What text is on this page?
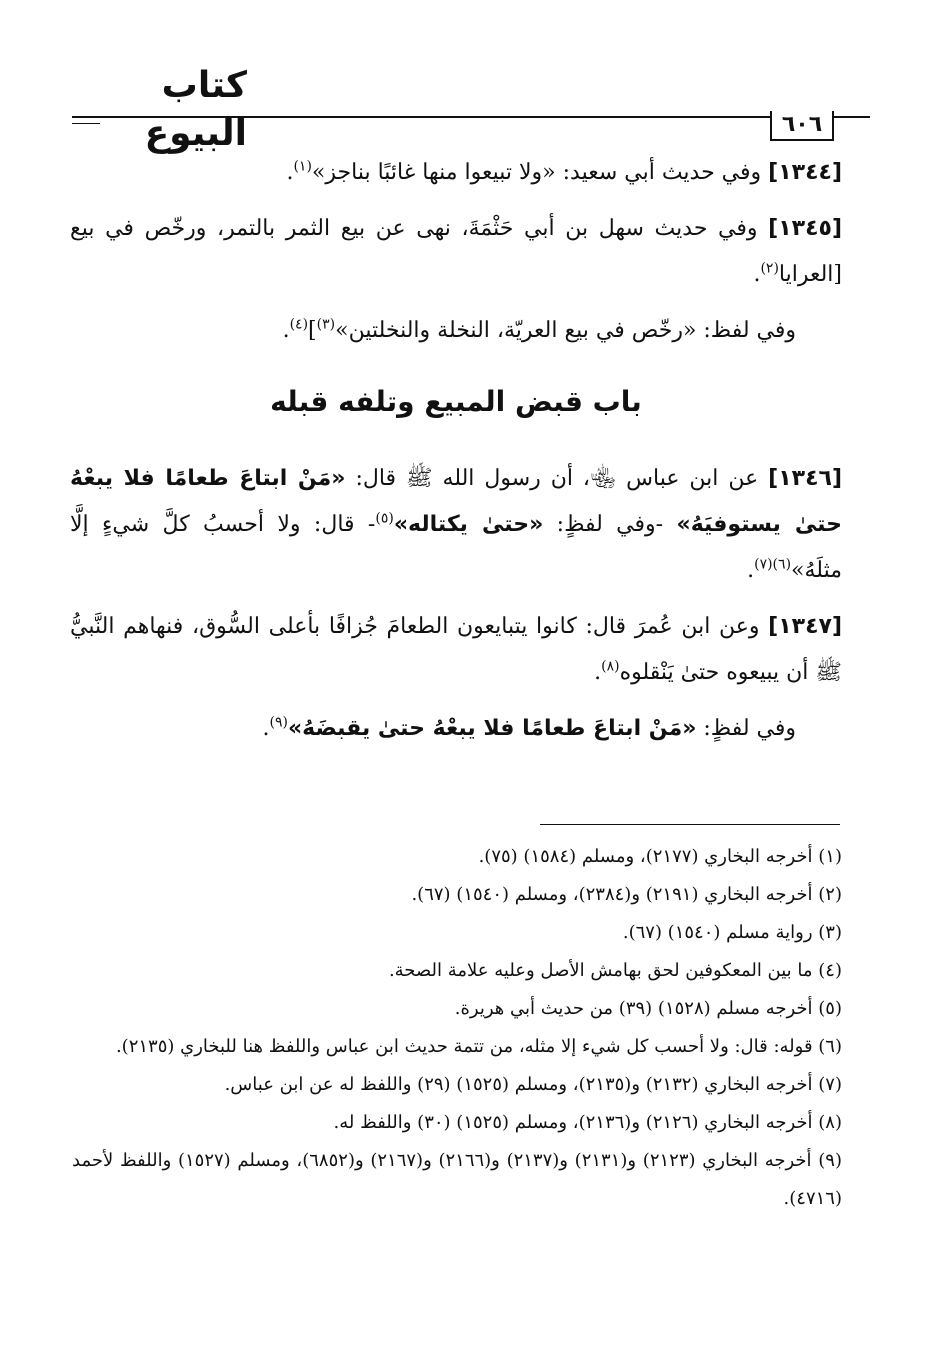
كتاب البيوع	٦٠٦

[١٣٤٤] وفي حديث أبي سعيد: «ولا تبيعوا منها غائبًا بناجز»$^{(١)}$.

[١٣٤٥] وفي حديث سهل بن أبي حَثْمَةَ، نهى عن بيع الثمر بالتمر، ورخّص في بيع [العرايا$^{(٢)}$.

وفي لفظ: «رخّص في بيع العريّة، النخلة والنخلتين»$^{(٣)}$]$^{(٤)}$.

باب قبض المبيع وتلفه قبله

[١٣٤٦] عن ابن عباس ﵄، أن رسول الله ﷺ قال: «مَنْ ابتاعَ طعامًا فلا يبعْهُ حتىٰ يستوفيَهُ» -وفي لفظٍ: «حتىٰ يكتاله»$^{(٥)}$- قال: ولا أحسبُ كلَّ شيءٍ إلَّا مثلَهُ»$^{(٦)(٧)}$.

[١٣٤٧] وعن ابن عُمرَ قال: كانوا يتبايعون الطعامَ جُزافًا بأعلى السُّوق، فنهاهم النَّبيُّ ﷺ أن يبيعوه حتىٰ يَنْقلوه$^{(٨)}$.

وفي لفظٍ: «مَنْ ابتاعَ طعامًا فلا يبعْهُ حتىٰ يقبضَهُ»$^{(٩)}$.

(١) أخرجه البخاري (٢١٧٧)، ومسلم (١٥٨٤) (٧٥).

(٢) أخرجه البخاري (٢١٩١) و(٢٣٨٤)، ومسلم (١٥٤٠) (٦٧).

(٣) رواية مسلم (١٥٤٠) (٦٧).

(٤) ما بين المعكوفين لحق بهامش الأصل وعليه علامة الصحة.

(٥) أخرجه مسلم (١٥٢٨) (٣٩) من حديث أبي هريرة.

(٦) قوله: قال: ولا أحسب كل شيء إلا مثله، من تتمة حديث ابن عباس واللفظ هنا للبخاري (٢١٣٥).

(٧) أخرجه البخاري (٢١٣٢) و(٢١٣٥)، ومسلم (١٥٢٥) (٢٩) واللفظ له عن ابن عباس.

(٨) أخرجه البخاري (٢١٢٦) و(٢١٣٦)، ومسلم (١٥٢٥) (٣٠) واللفظ له.

(٩) أخرجه البخاري (٢١٢٣) و(٢١٣١) و(٢١٣٧) و(٢١٦٦) و(٢١٦٧) و(٦٨٥٢)، ومسلم (١٥٢٧) واللفظ لأحمد (٤٧١٦).
